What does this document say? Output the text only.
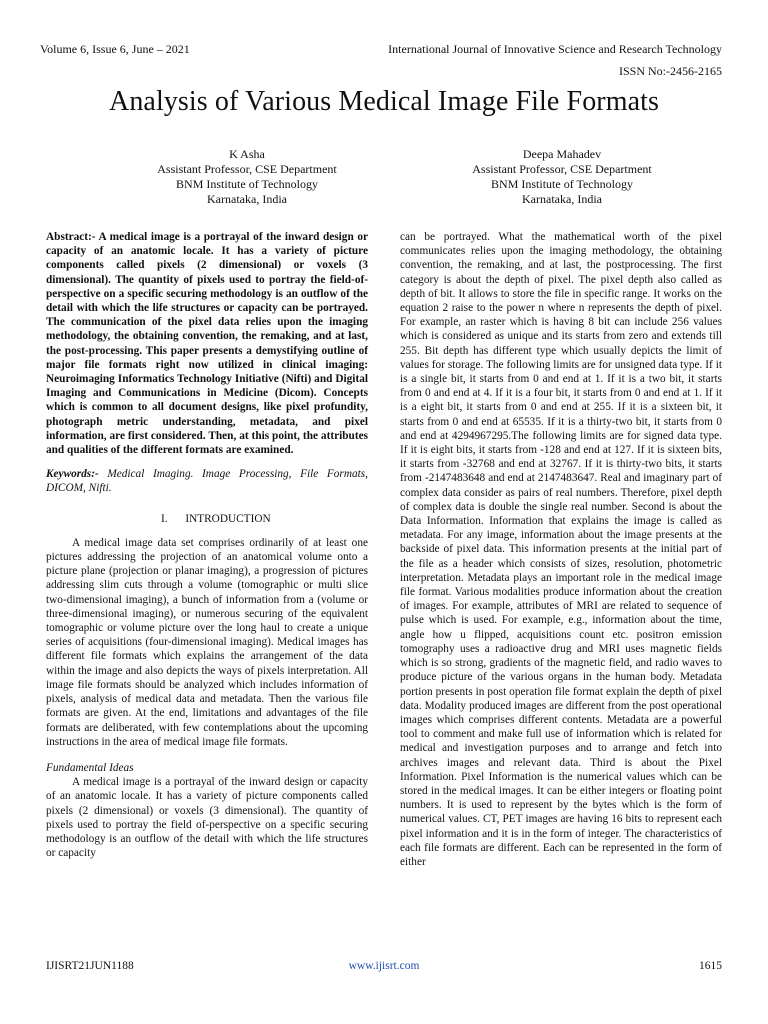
Volume 6, Issue 6, June – 2021	International Journal of Innovative Science and Research Technology
ISSN No:-2456-2165
Analysis of Various Medical Image File Formats
K Asha
Assistant Professor, CSE Department
BNM Institute of Technology
Karnataka, India
Deepa Mahadev
Assistant Professor, CSE Department
BNM Institute of Technology
Karnataka, India

Abstract:- A medical image is a portrayal of the inward design or capacity of an anatomic locale. It has a variety of picture components called pixels (2 dimensional) or voxels (3 dimensional). The quantity of pixels used to portray the field-of-perspective on a specific securing methodology is an outflow of the detail with which the life structures or capacity can be portrayed. The communication of the pixel data relies upon the imaging methodology, the obtaining convention, the remaking, and at last, the post-processing. This paper presents a demystifying outline of major file formats right now utilized in clinical imaging: Neuroimaging Informatics Technology Initiative (Nifti) and Digital Imaging and Communications in Medicine (Dicom). Concepts which is common to all document designs, like pixel profundity, photograph metric understanding, metadata, and pixel information, are first considered. Then, at this point, the attributes and qualities of the different formats are examined.

Keywords:- Medical Imaging. Image Processing, File Formats, DICOM, Nifti.

I. INTRODUCTION

A medical image data set comprises ordinarily of at least one pictures addressing the projection of an anatomical volume onto a picture plane (projection or planar imaging), a progression of pictures addressing slim cuts through a volume (tomographic or multi slice two-dimensional imaging), a bunch of information from a (volume or three-dimensional imaging), or numerous securing of the equivalent tomographic or volume picture over the long haul to create a unique series of acquisitions (four-dimensional imaging). Medical images has different file formats which explains the arrangement of the data within the image and also depicts the ways of pixels interpretation. All image file formats should be analyzed which includes information of pixels, analysis of medical data and metadata. Then the various file formats are given. At the end, limitations and advantages of the file formats are deliberated, with few contemplations about the upcoming instructions in the area of medical image file formats.

Fundamental Ideas

A medical image is a portrayal of the inward design or capacity of an anatomic locale. It has a variety of picture components called pixels (2 dimensional) or voxels (3 dimensional). The quantity of pixels used to portray the field of-perspective on a specific securing methodology is an outflow of the detail with which the life structures or capacity

can be portrayed. What the mathematical worth of the pixel communicates relies upon the imaging methodology, the obtaining convention, the remaking, and at last, the postprocessing. The first category is about the depth of pixel. The pixel depth also called as depth of bit. It allows to store the file in specific range. It works on the equation 2 raise to the power n where n represents the depth of pixel. For example, an raster which is having 8 bit can include 256 values which is considered as unique and its starts from zero and extends till 255. Bit depth has different type which usually depicts the limit of values for storage. The following limits are for unsigned data type. If it is a single bit, it starts from 0 and end at 1. If it is a two bit, it starts from 0 and end at 4. If it is a four bit, it starts from 0 and end at 1. If it is a eight bit, it starts from 0 and end at 255. If it is a sixteen bit, it starts from 0 and end at 65535. If it is a thirty-two bit, it starts from 0 and end at 4294967295.The following limits are for signed data type. If it is eight bits, it starts from -128 and end at 127. If it is sixteen bits, it starts from -32768 and end at 32767. If it is thirty-two bits, it starts from -2147483648 and end at 2147483647. Real and imaginary part of complex data consider as pairs of real numbers. Therefore, pixel depth of complex data is double the single real number. Second is about the Data Information. Information that explains the image is called as metadata. For any image, information about the image presents at the backside of pixel data. This information presents at the initial part of the file as a header which consists of sizes, resolution, photometric interpretation. Metadata plays an important role in the medical image file format. Various modalities produce information about the creation of images. For example, attributes of MRI are related to sequence of pulse which is used. For example, e.g., information about the time, angle how u flipped, acquisitions count etc. positron emission tomography uses a radioactive drug and MRI uses magnetic fields which is so strong, gradients of the magnetic field, and radio waves to produce picture of the various organs in the human body. Metadata portion presents in post operation file format explain the depth of pixel data. Modality produced images are different from the post operational images which comprises different contents. Metadata are a powerful tool to comment and make full use of information which is related for medical and investigation purposes and to arrange and fetch into archives images and relevant data. Third is about the Pixel Information. Pixel Information is the numerical values which can be stored in the medical images. It can be either integers or floating point numbers. It is used to represent by the bytes which is the form of numerical values. CT, PET images are having 16 bits to represent each pixel information and it is in the form of integer. The characteristics of each file formats are different. Each can be represented in the form of either

IJISRT21JUN1188	www.ijisrt.com	1615
